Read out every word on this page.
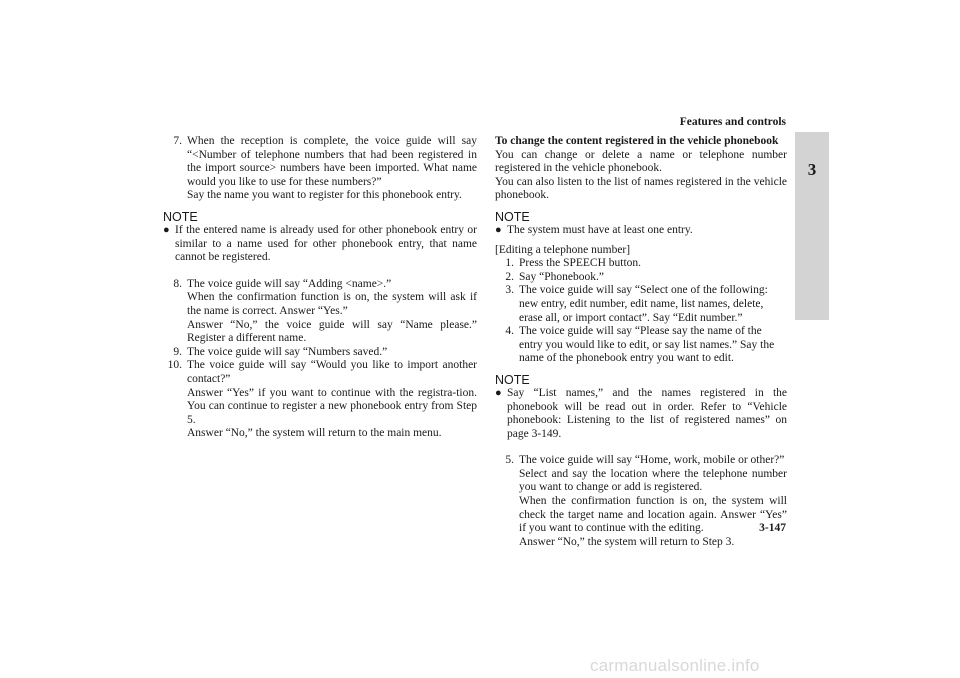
Features and controls
3
7. When the reception is complete, the voice guide will say “<Number of telephone numbers that had been registered in the import source> numbers have been imported. What name would you like to use for these numbers?”

Say the name you want to register for this phonebook entry.

NOTE
● If the entered name is already used for other phonebook entry or similar to a name used for other phonebook entry, that name cannot be registered.
8. The voice guide will say “Adding <name>.”

When the confirmation function is on, the system will ask if the name is correct. Answer “Yes.”

Answer “No,” the voice guide will say “Name please.” Register a different name.

9. The voice guide will say “Numbers saved.”

10. The voice guide will say “Would you like to import another contact?”

Answer “Yes” if you want to continue with the registra-tion. You can continue to register a new phonebook entry from Step 5.

Answer “No,” the system will return to the main menu.

To change the content registered in the vehicle phonebook

You can change or delete a name or telephone number registered in the vehicle phonebook.

You can also listen to the list of names registered in the vehicle phonebook.

NOTE
● The system must have at least one entry.

[Editing a telephone number]

1. Press the SPEECH button.
2. Say “Phonebook.”
3. The voice guide will say “Select one of the following: new entry, edit number, edit name, list names, delete, erase all, or import contact”. Say “Edit number.”
4. The voice guide will say “Please say the name of the entry you would like to edit, or say list names.” Say the name of the phonebook entry you want to edit.
NOTE
● Say “List names,” and the names registered in the phonebook will be read out in order. Refer to “Vehicle phonebook: Listening to the list of registered names” on page 3-149.
5. The voice guide will say “Home, work, mobile or other?”

Select and say the location where the telephone number you want to change or add is registered.

When the confirmation function is on, the system will check the target name and location again. Answer “Yes” if you want to continue with the editing.

Answer “No,” the system will return to Step 3.

3-147
carmanualsonline.info
